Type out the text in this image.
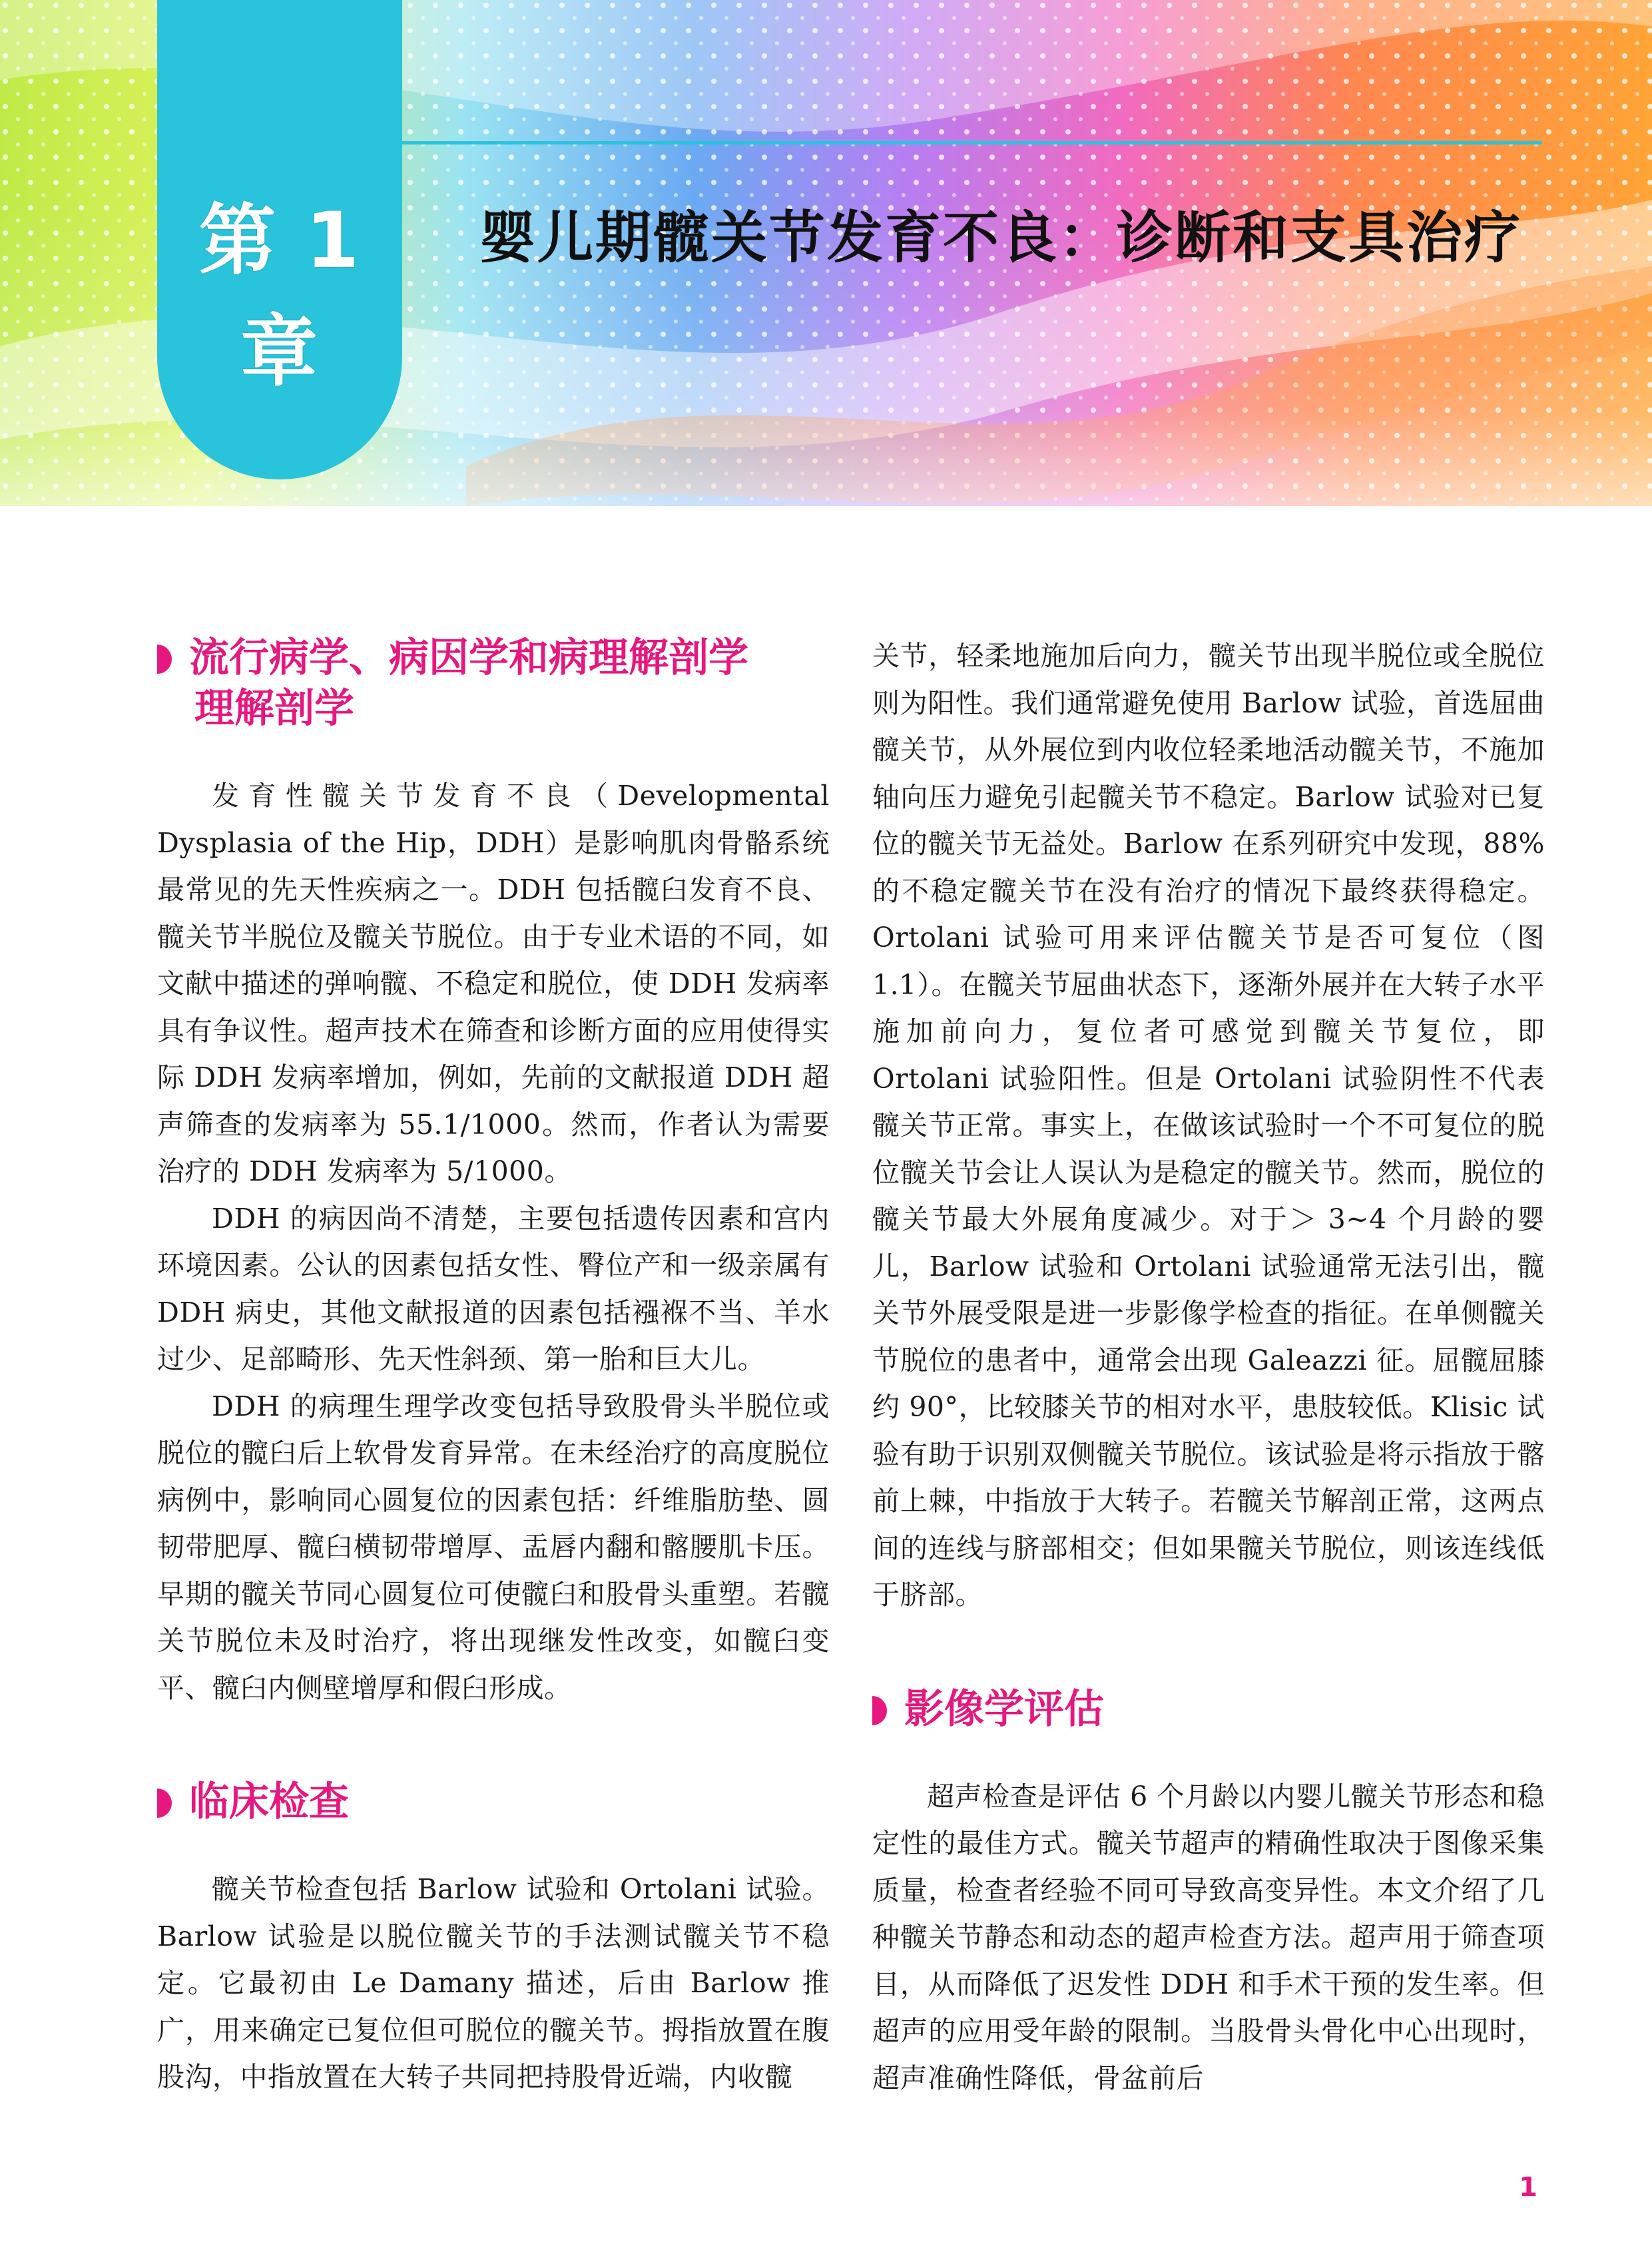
第 1 章
婴儿期髋关节发育不良：诊断和支具治疗
流行病学、病因学和病理解剖学
理解剖学

发育性髋关节发育不良（Developmental Dysplasia of the Hip，DDH）是影响肌肉骨骼系统最常见的先天性疾病之一。DDH 包括髋臼发育不良、髋关节半脱位及髋关节脱位。由于专业术语的不同，如文献中描述的弹响髋、不稳定和脱位，使 DDH 发病率具有争议性。超声技术在筛查和诊断方面的应用使得实际 DDH 发病率增加，例如，先前的文献报道 DDH 超声筛查的发病率为 55.1/1000。然而，作者认为需要治疗的 DDH 发病率为 5/1000。

DDH 的病因尚不清楚，主要包括遗传因素和宫内环境因素。公认的因素包括女性、臀位产和一级亲属有 DDH 病史，其他文献报道的因素包括襁褓不当、羊水过少、足部畸形、先天性斜颈、第一胎和巨大儿。

DDH 的病理生理学改变包括导致股骨头半脱位或脱位的髋臼后上软骨发育异常。在未经治疗的高度脱位病例中，影响同心圆复位的因素包括：纤维脂肪垫、圆韧带肥厚、髋臼横韧带增厚、盂唇内翻和髂腰肌卡压。早期的髋关节同心圆复位可使髋臼和股骨头重塑。若髋关节脱位未及时治疗，将出现继发性改变，如髋臼变平、髋臼内侧壁增厚和假臼形成。

临床检查

髋关节检查包括 Barlow 试验和 Ortolani 试验。Barlow 试验是以脱位髋关节的手法测试髋关节不稳定。它最初由 Le Damany 描述，后由 Barlow 推广，用来确定已复位但可脱位的髋关节。拇指放置在腹股沟，中指放置在大转子共同把持股骨近端，内收髋

关节，轻柔地施加后向力，髋关节出现半脱位或全脱位则为阳性。我们通常避免使用 Barlow 试验，首选屈曲髋关节，从外展位到内收位轻柔地活动髋关节，不施加轴向压力避免引起髋关节不稳定。Barlow 试验对已复位的髋关节无益处。Barlow 在系列研究中发现，88% 的不稳定髋关节在没有治疗的情况下最终获得稳定。Ortolani 试验可用来评估髋关节是否可复位（图 1.1）。在髋关节屈曲状态下，逐渐外展并在大转子水平施加前向力，复位者可感觉到髋关节复位，即 Ortolani 试验阳性。但是 Ortolani 试验阴性不代表髋关节正常。事实上，在做该试验时一个不可复位的脱位髋关节会让人误认为是稳定的髋关节。然而，脱位的髋关节最大外展角度减少。对于＞ 3~4 个月龄的婴儿，Barlow 试验和 Ortolani 试验通常无法引出，髋关节外展受限是进一步影像学检查的指征。在单侧髋关节脱位的患者中，通常会出现 Galeazzi 征。屈髋屈膝约 90°，比较膝关节的相对水平，患肢较低。Klisic 试验有助于识别双侧髋关节脱位。该试验是将示指放于髂前上棘，中指放于大转子。若髋关节解剖正常，这两点间的连线与脐部相交；但如果髋关节脱位，则该连线低于脐部。

影像学评估

超声检查是评估 6 个月龄以内婴儿髋关节形态和稳定性的最佳方式。髋关节超声的精确性取决于图像采集质量，检查者经验不同可导致高变异性。本文介绍了几种髋关节静态和动态的超声检查方法。超声用于筛查项目，从而降低了迟发性 DDH 和手术干预的发生率。但超声的应用受年龄的限制。当股骨头骨化中心出现时，超声准确性降低，骨盆前后

1
